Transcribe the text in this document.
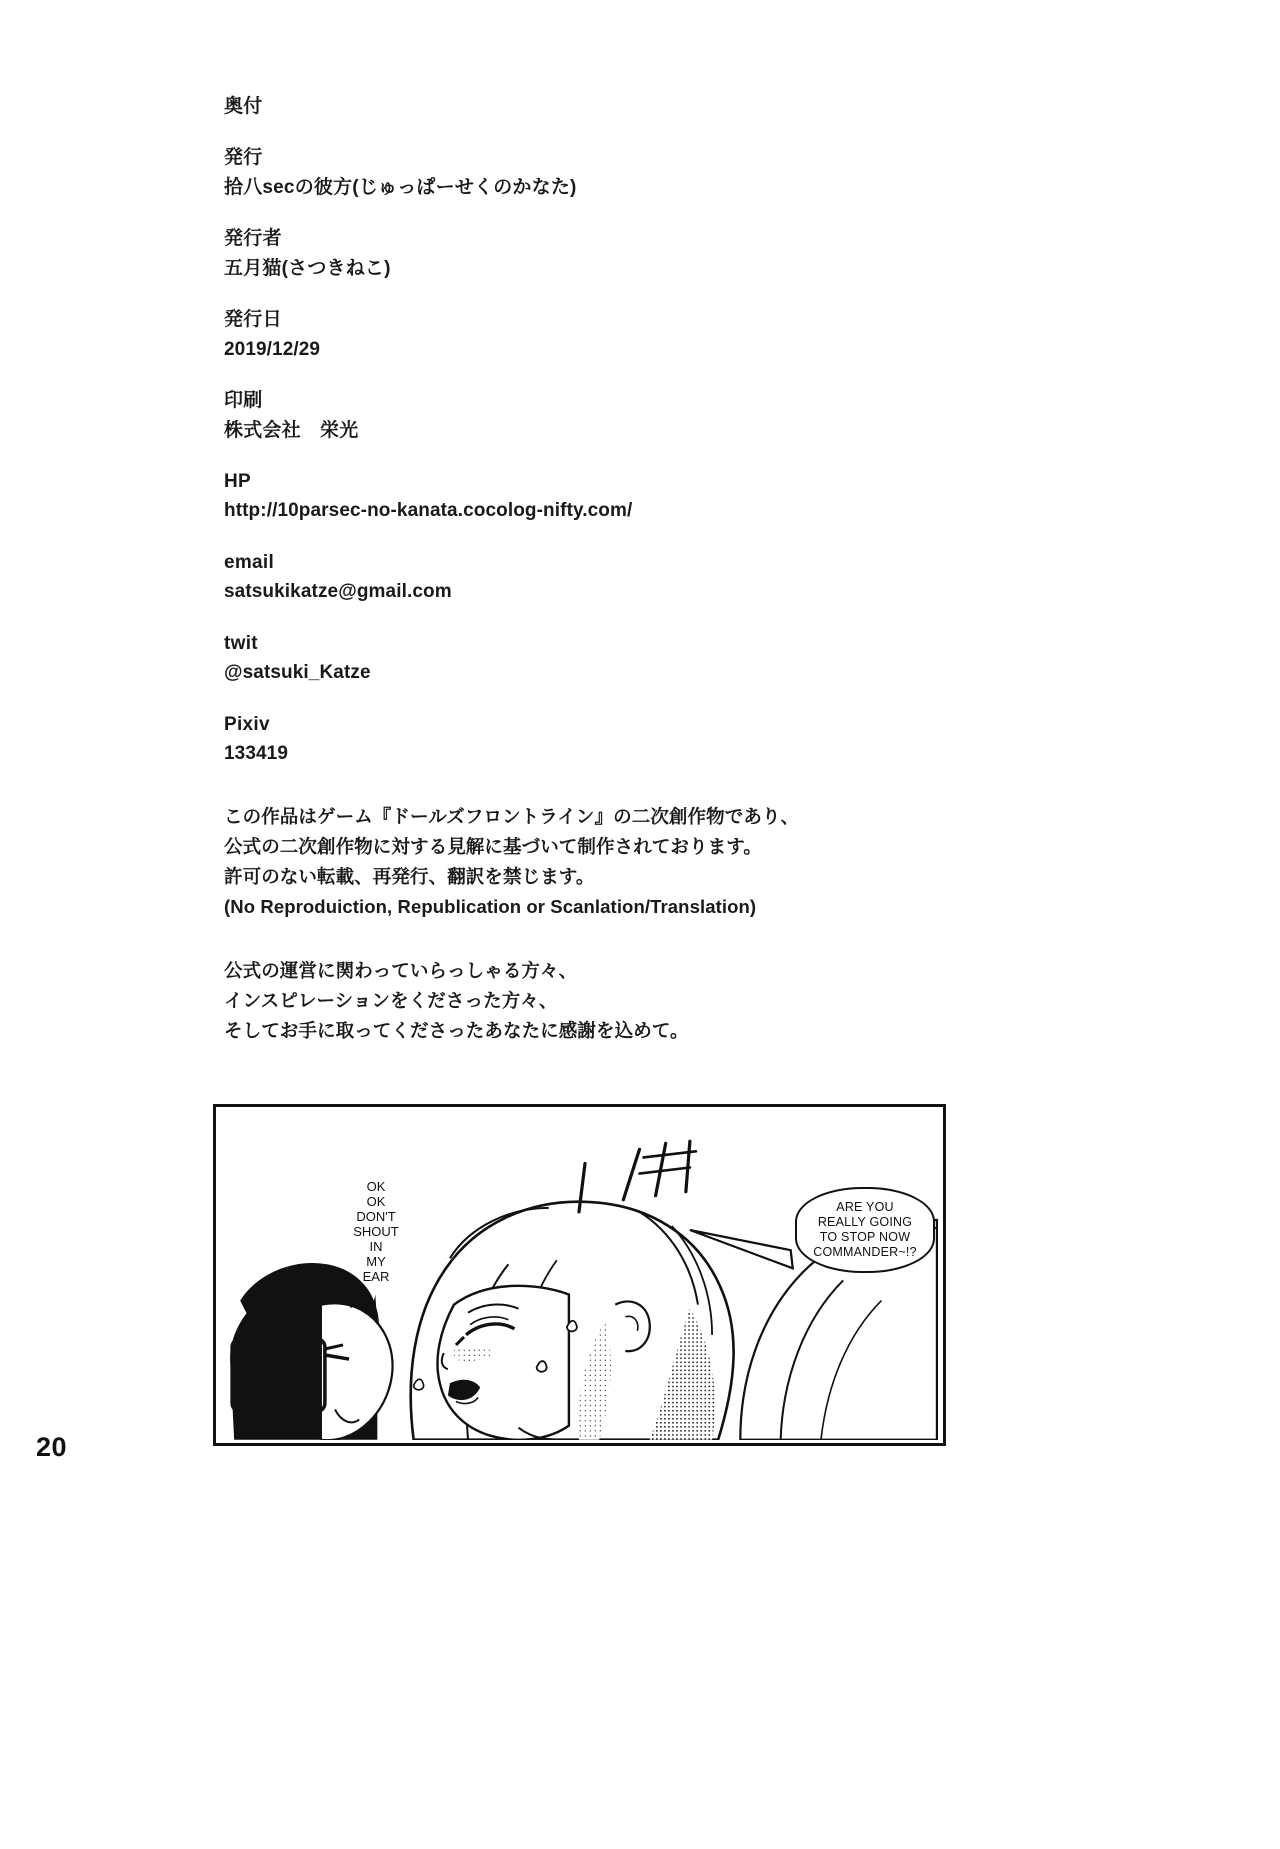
奥付
発行
拾八secの彼方(じゅっぱーせくのかなた)
発行者
五月猫(さつきねこ)
発行日
2019/12/29
印刷
株式会社　栄光
HP
http://10parsec-no-kanata.cocolog-nifty.com/
email
satsukikatze@gmail.com
twit
@satsuki_Katze
Pixiv
133419
この作品はゲーム『ドールズフロントライン』の二次創作物であり、
公式の二次創作物に対する見解に基づいて制作されております。
許可のない転載、再発行、翻訳を禁じます。
(No Reproduiction, Republication or Scanlation/Translation)
公式の運営に関わっていらっしゃる方々、
インスピレーションをくださった方々、
そしてお手に取ってくださったあなたに感謝を込めて。
OK
OK
DON'T
SHOUT
IN
MY
EAR
ARE YOU
REALLY GOING
TO STOP NOW
COMMANDER~!?
20
